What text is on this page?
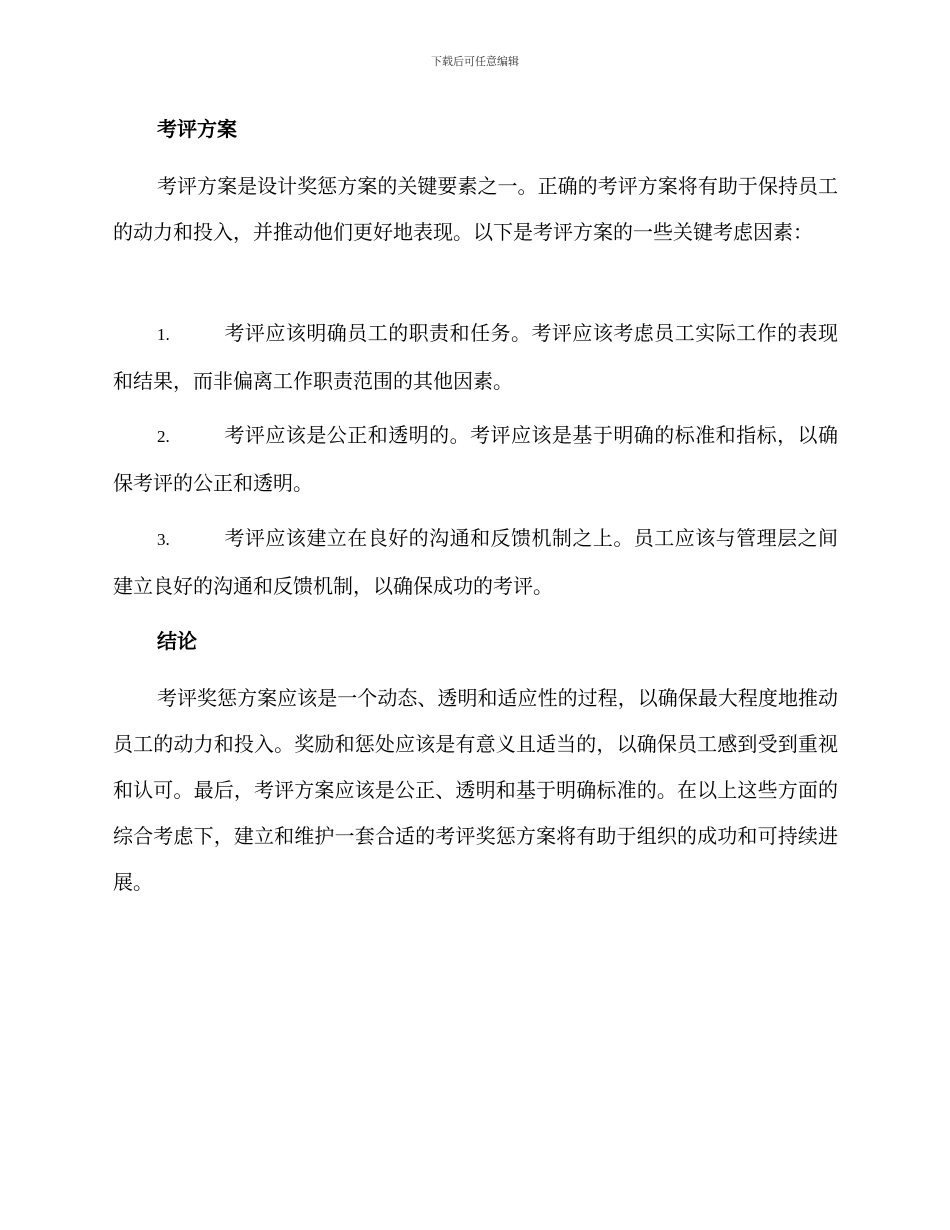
下载后可任意编辑
考评方案
考评方案是设计奖惩方案的关键要素之一。正确的考评方案将有助于保持员工的动力和投入，并推动他们更好地表现。以下是考评方案的一些关键考虑因素：
1.	考评应该明确员工的职责和任务。考评应该考虑员工实际工作的表现和结果，而非偏离工作职责范围的其他因素。
2.	考评应该是公正和透明的。考评应该是基于明确的标准和指标，以确保考评的公正和透明。
3.	考评应该建立在良好的沟通和反馈机制之上。员工应该与管理层之间建立良好的沟通和反馈机制，以确保成功的考评。
结论
考评奖惩方案应该是一个动态、透明和适应性的过程，以确保最大程度地推动员工的动力和投入。奖励和惩处应该是有意义且适当的，以确保员工感到受到重视和认可。最后，考评方案应该是公正、透明和基于明确标准的。在以上这些方面的综合考虑下，建立和维护一套合适的考评奖惩方案将有助于组织的成功和可持续进展。
